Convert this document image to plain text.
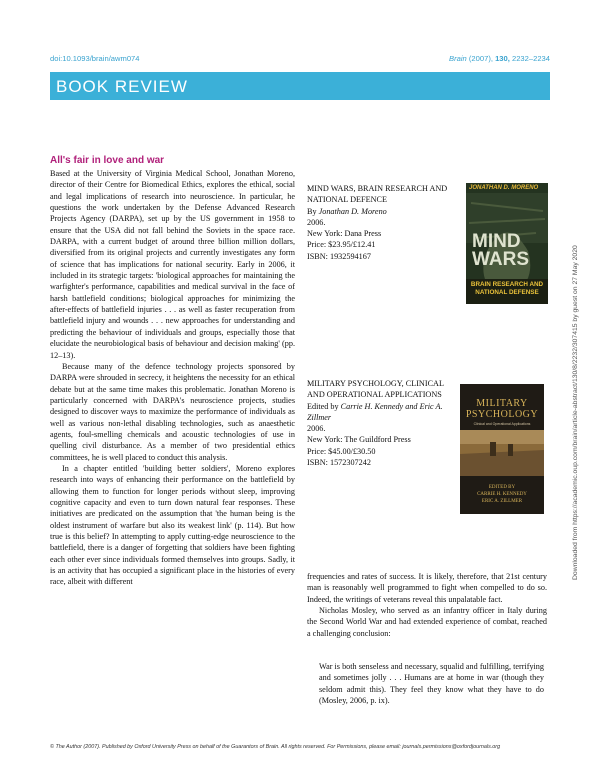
doi:10.1093/brain/awm074	Brain (2007), 130, 2232–2234
BOOK REVIEW
All's fair in love and war

Based at the University of Virginia Medical School, Jonathan Moreno, director of their Centre for Biomedical Ethics, explores the ethical, social and legal implications of research into neuroscience. In particular, he questions the work undertaken by the Defense Advanced Research Projects Agency (DARPA), set up by the US government in 1958 to ensure that the USA did not fall behind the Soviets in the space race. DARPA, with a current budget of around three billion million dollars, diversified from its original projects and currently investigates any form of science that has implications for national security. Early in 2006, it included in its strategic targets: 'biological approaches for maintaining the warfighter's performance, capabilities and medical survival in the face of harsh battlefield conditions; biological approaches for minimizing the after-effects of battlefield injuries . . . as well as faster recuperation from battlefield injury and wounds . . . new approaches for understanding and predicting the behaviour of individuals and groups, especially those that elucidate the neurobiological basis of behaviour and decision making' (pp. 12–13).

Because many of the defence technology projects sponsored by DARPA were shrouded in secrecy, it heightens the necessity for an ethical debate but at the same time makes this problematic. Jonathan Moreno is particularly concerned with DARPA's neuroscience projects, studies designed to discover ways to maximize the performance of individuals as well as various non-lethal disabling technologies, such as anaesthetic agents, foul-smelling chemicals and acoustic technologies of use in quelling civil disturbance. As a member of two presidential ethics committees, he is well placed to conduct this analysis.

In a chapter entitled 'building better soldiers', Moreno explores research into ways of enhancing their performance on the battlefield by allowing them to function for longer periods without sleep, improving cognitive capacity and even to turn down natural fear responses. These initiatives are predicated on the assumption that 'the human being is the oldest instrument of warfare but also its weakest link' (p. 114). But how true is this belief? In attempting to apply cutting-edge neuroscience to the battlefield, there is a danger of forgetting that soldiers have been fighting each other ever since individuals formed themselves into groups. Sadly, it is an activity that has occupied a significant place in the histories of every race, albeit with different

MIND WARS, BRAIN RESEARCH AND NATIONAL DEFENCE
By Jonathan D. Moreno
2006.
New York: Dana Press
Price: $23.95/£12.41
ISBN: 1932594167
JONATHAN D. MORENO
MIND
WARS
BRAIN RESEARCH AND
NATIONAL DEFENSE
MILITARY PSYCHOLOGY, CLINICAL AND OPERATIONAL APPLICATIONS
Edited by Carrie H. Kennedy and Eric A. Zillmer
2006.
New York: The Guildford Press
Price: $45.00/£30.50
ISBN: 1572307242
MILITARY
PSYCHOLOGY
Clinical and Operational Applications
EDITED BY
CARRIE H. KENNEDY
ERIC A. ZILLMER

frequencies and rates of success. It is likely, therefore, that 21st century man is reasonably well programmed to fight when compelled to do so. Indeed, the writings of veterans reveal this unpalatable fact.

Nicholas Mosley, who served as an infantry officer in Italy during the Second World War and had extended experience of combat, reached a challenging conclusion:

War is both senseless and necessary, squalid and fulfilling, terrifying and sometimes jolly . . . Humans are at home in war (though they seldom admit this). They feel they know what they have to do (Mosley, 2006, p. ix).
Downloaded from https://academic.oup.com/brain/article-abstract/130/8/2232/307415 by guest on 27 May 2020
© The Author (2007). Published by Oxford University Press on behalf of the Guarantors of Brain. All rights reserved. For Permissions, please email: journals.permissions@oxfordjournals.org
